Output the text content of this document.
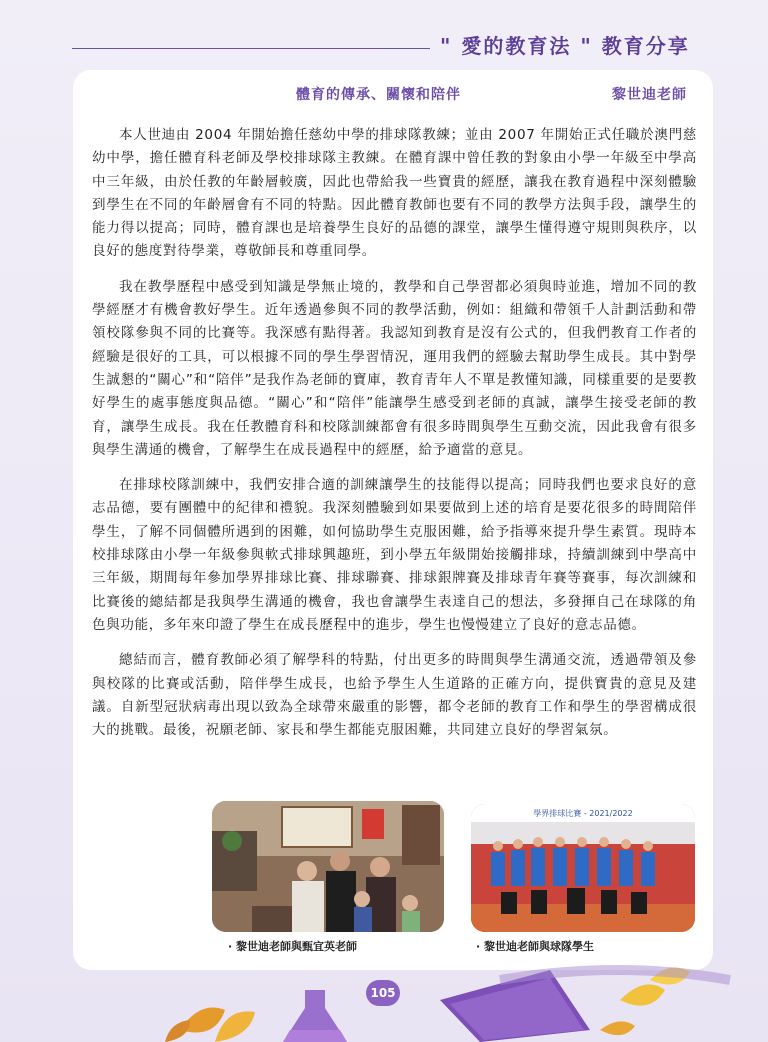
" 愛的教育法 " 教育分享
體育的傳承、關懷和陪伴	黎世迪老師

本人世迪由 2004 年開始擔任慈幼中學的排球隊教練；並由 2007 年開始正式任職於澳門慈幼中學，擔任體育科老師及學校排球隊主教練。在體育課中曾任教的對象由小學一年級至中學高中三年級，由於任教的年齡層較廣，因此也帶給我一些寶貴的經歷，讓我在教育過程中深刻體驗到學生在不同的年齡層會有不同的特點。因此體育教師也要有不同的教學方法與手段，讓學生的能力得以提高；同時，體育課也是培養學生良好的品德的課堂，讓學生懂得遵守規則與秩序，以良好的態度對待學業，尊敬師長和尊重同學。

我在教學歷程中感受到知識是學無止境的，教學和自己學習都必須與時並進，增加不同的教學經歷才有機會教好學生。近年透過參與不同的教學活動，例如：組織和帶領千人計劃活動和帶領校隊參與不同的比賽等。我深感有點得著。我認知到教育是沒有公式的，但我們教育工作者的經驗是很好的工具，可以根據不同的學生學習情況，運用我們的經驗去幫助學生成長。其中對學生誠懇的“關心”和“陪伴”是我作為老師的寶庫，教育青年人不單是教懂知識，同樣重要的是要教好學生的處事態度與品德。“關心”和“陪伴”能讓學生感受到老師的真誠，讓學生接受老師的教育，讓學生成長。我在任教體育科和校隊訓練都會有很多時間與學生互動交流，因此我會有很多與學生溝通的機會，了解學生在成長過程中的經歷，給予適當的意見。

在排球校隊訓練中，我們安排合適的訓練讓學生的技能得以提高；同時我們也要求良好的意志品德，要有團體中的紀律和禮貌。我深刻體驗到如果要做到上述的培育是要花很多的時間陪伴學生，了解不同個體所遇到的困難，如何協助學生克服困難，給予指導來提升學生素質。現時本校排球隊由小學一年級參與軟式排球興趣班，到小學五年級開始接觸排球，持續訓練到中學高中三年級，期間每年參加學界排球比賽、排球聯賽、排球銀牌賽及排球青年賽等賽事，每次訓練和比賽後的總結都是我與學生溝通的機會，我也會讓學生表達自己的想法，多發揮自己在球隊的角色與功能，多年來印證了學生在成長歷程中的進步，學生也慢慢建立了良好的意志品德。

總結而言，體育教師必須了解學科的特點，付出更多的時間與學生溝通交流，透過帶領及參與校隊的比賽或活動，陪伴學生成長，也給予學生人生道路的正確方向，提供寶貴的意見及建議。自新型冠狀病毒出現以致為全球帶來嚴重的影響，都令老師的教育工作和學生的學習構成很大的挑戰。最後，祝願老師、家長和學生都能克服困難，共同建立良好的學習氣氛。

學界排球比賽 - 2021/2022
· 黎世迪老師與甄宜英老師	· 黎世迪老師與球隊學生
105
